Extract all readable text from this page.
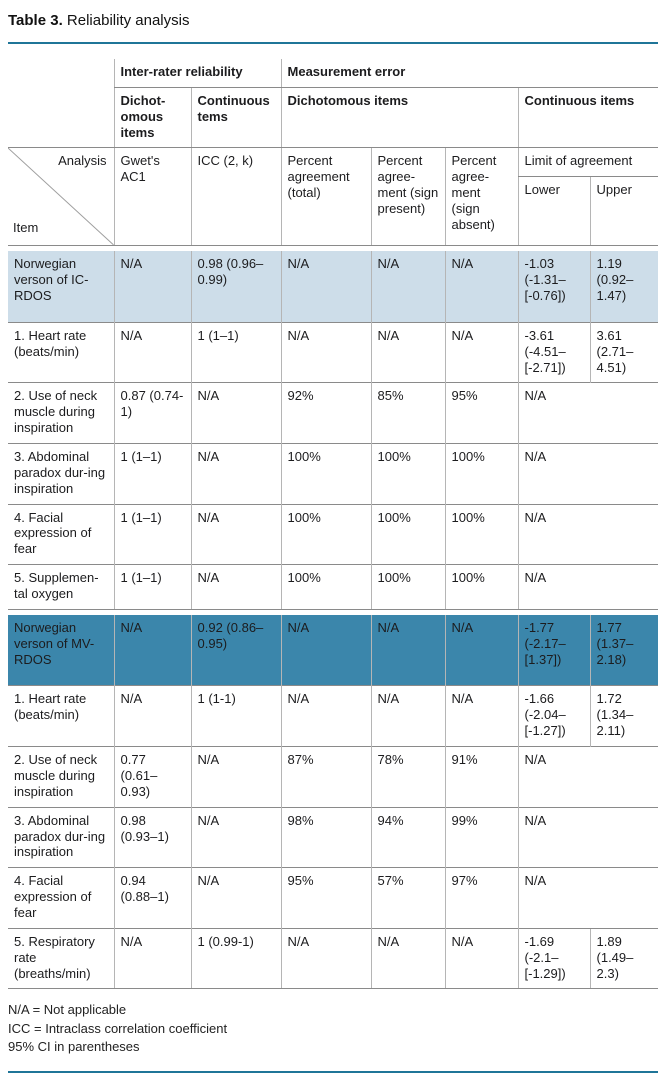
Table 3. Reliability analysis
	Inter-rater reliability		Measurement error				
	Dichot-omous items	Continuous tems	Dichotomous items			Continuous items	

Analysis
Item	Gwet's AC1	ICC (2, k)	Percent agreement (total)	Percent agree-ment (sign present)	Percent agree-ment (sign absent)	Limit of agreement	
						Lower	Upper

Norwegian verson of IC-RDOS	N/A	0.98 (0.96–0.99)	N/A	N/A	N/A	-1.03 (-1.31– [-0.76])	1.19 (0.92– 1.47)
1. Heart rate (beats/min)	N/A	1 (1–1)	N/A	N/A	N/A	-3.61 (-4.51– [-2.71])	3.61 (2.71– 4.51)
2. Use of neck muscle during inspiration	0.87 (0.74-1)	N/A	92%	85%	95%	N/A	
3. Abdominal paradox dur-ing inspiration	1 (1–1)	N/A	100%	100%	100%	N/A	
4. Facial expression of fear	1 (1–1)	N/A	100%	100%	100%	N/A	
5. Supplemen-tal oxygen	1 (1–1)	N/A	100%	100%	100%	N/A	

Norwegian verson of MV-RDOS	N/A	0.92 (0.86– 0.95)	N/A	N/A	N/A	-1.77 (-2.17– [1.37])	1.77 (1.37– 2.18)
1. Heart rate (beats/min)	N/A	1 (1-1)	N/A	N/A	N/A	-1.66 (-2.04– [-1.27])	1.72 (1.34– 2.11)
2. Use of neck muscle during inspiration	0.77 (0.61– 0.93)	N/A	87%	78%	91%	N/A	
3. Abdominal paradox dur-ing inspiration	0.98 (0.93–1)	N/A	98%	94%	99%	N/A	
4. Facial expression of fear	0.94 (0.88–1)	N/A	95%	57%	97%	N/A	
5. Respiratory rate (breaths/min)	N/A	1 (0.99-1)	N/A	N/A	N/A	-1.69 (-2.1– [-1.29])	1.89 (1.49– 2.3)
N/A = Not applicable
ICC = Intraclass correlation coefficient
95% CI in parentheses
